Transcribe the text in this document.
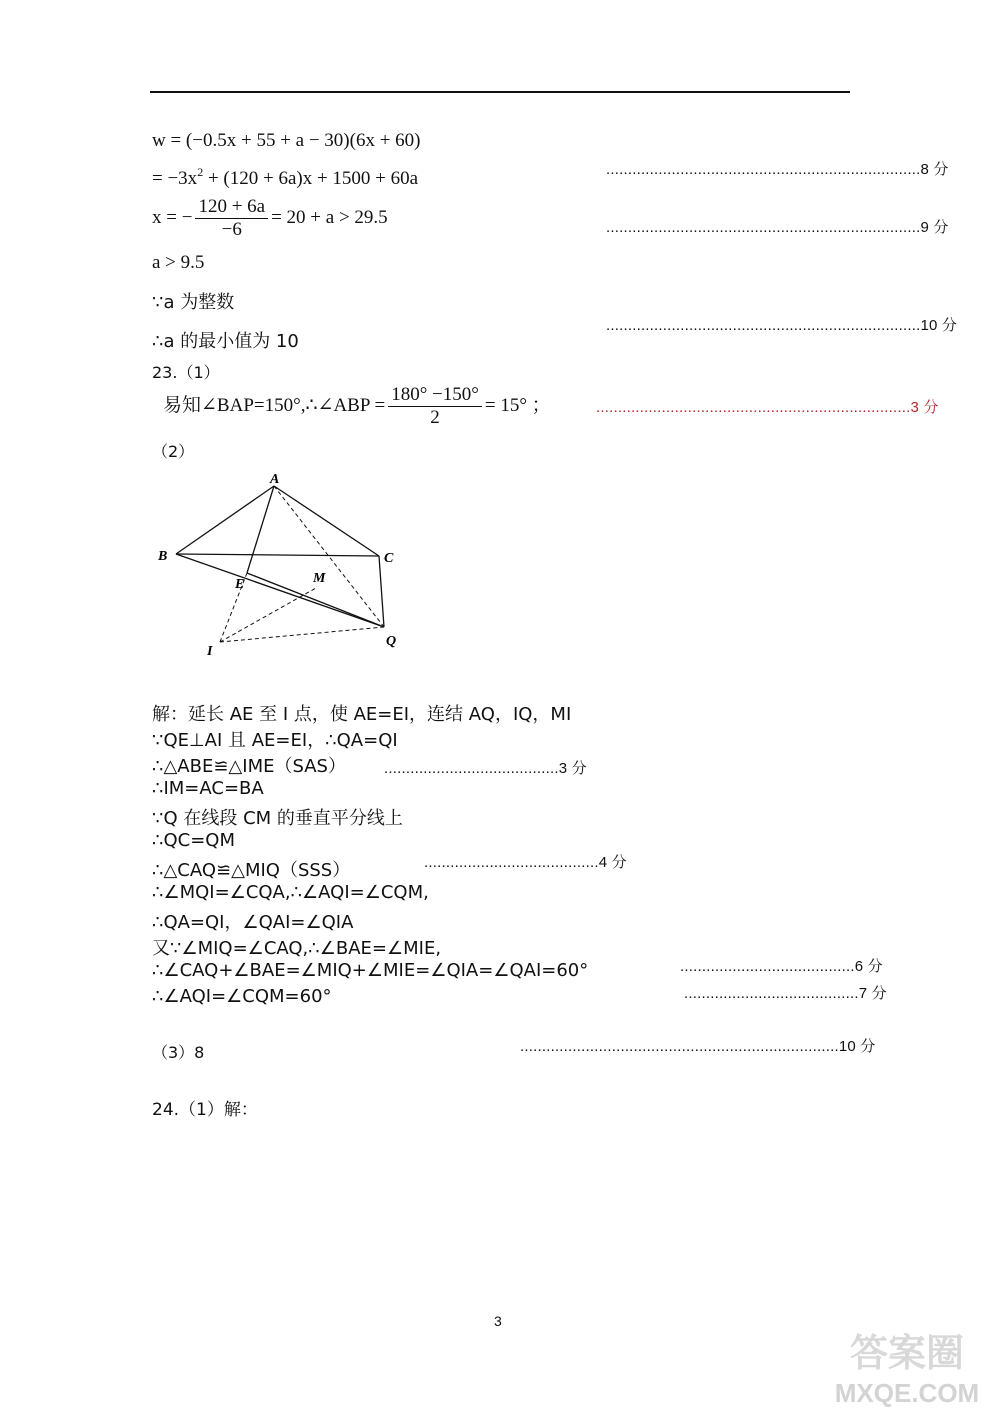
w = (−0.5x + 55 + a − 30)(6x + 60)
= $-3x^2 + (120 + 6a)x + 1500 + 60a$	........................................................................8 分
x = − $\frac{120 + 6a}{-6} = 20 + a > 29.5$	........................................................................9 分
a > 9.5
∵a 为整数
∴a 的最小值为 10
........................................................................10 分
23.（1）
易知∠BAP=150°,∴∠ABP = $\frac{180^\circ -150^\circ}{2} = 15^\circ$ ；	........................................................................3 分
（2）
A
B	C
E	M
I
Q
解：延长 AE 至 I 点，使 AE=EI，连结 AQ，IQ，MI
∵QE⊥AI 且 AE=EI，∴QA=QI
∴△ABE≌△IME（SAS）	........................................3 分
∴IM=AC=BA
∵Q 在线段 CM 的垂直平分线上
∴QC=QM
∴△CAQ≌△MIQ（SSS）	........................................4 分
∴∠MQI=∠CQA,∴∠AQI=∠CQM,
∴QA=QI，∠QAI=∠QIA
又∵∠MIQ=∠CAQ,∴∠BAE=∠MIE,
∴∠CAQ+∠BAE=∠MIQ+∠MIE=∠QIA=∠QAI=60°	........................................6 分
∴∠AQI=∠CQM=60°	........................................7 分
（3）8	.........................................................................10 分
24.（1）解：
3
答案圈
MXQE.COM
